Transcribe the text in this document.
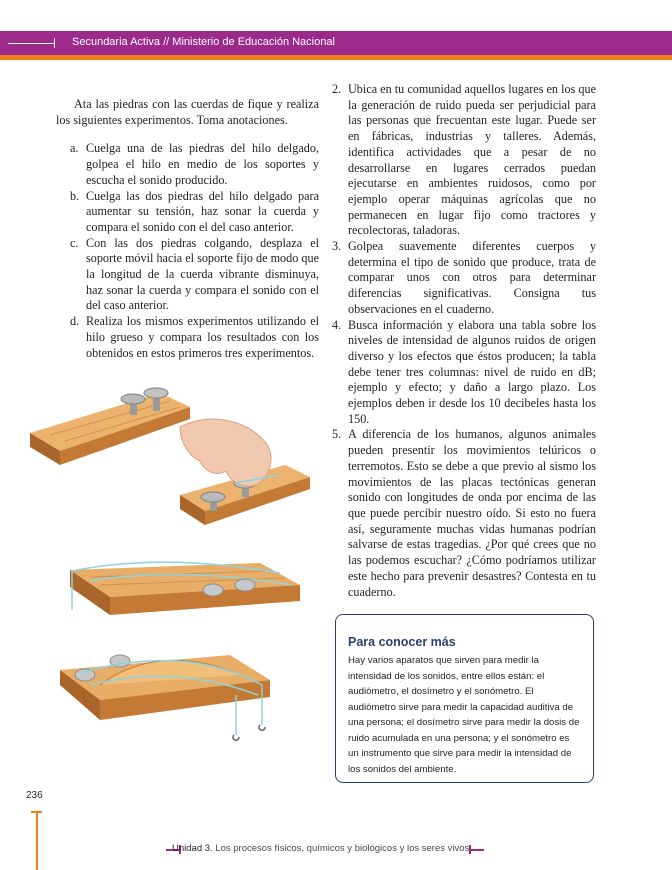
Secundaria Activa // Ministerio de Educación Nacional

Ata las piedras con las cuerdas de fique y realiza los siguientes experimentos. Toma anotaciones.

a. Cuelga una de las piedras del hilo delgado, golpea el hilo en medio de los soportes y escucha el sonido producido.
b. Cuelga las dos piedras del hilo delgado para aumentar su tensión, haz sonar la cuerda y compara el sonido con el del caso anterior.
c. Con las dos piedras colgando, desplaza el soporte móvil hacia el soporte fijo de modo que la longitud de la cuerda vibrante disminuya, haz sonar la cuerda y compara el sonido con el del caso anterior.
d. Realiza los mismos experimentos utilizando el hilo grueso y compara los resultados con los obtenidos en estos primeros tres experimentos.
2. Ubica en tu comunidad aquellos lugares en los que la generación de ruido pueda ser perjudicial para las personas que frecuentan este lugar. Puede ser en fábricas, industrias y talleres. Además, identifica actividades que a pesar de no desarrollarse en lugares cerrados puedan ejecutarse en ambientes ruidosos, como por ejemplo operar máquinas agrícolas que no permanecen en lugar fijo como tractores y recolectoras, taladoras.
3. Golpea suavemente diferentes cuerpos y determina el tipo de sonido que produce, trata de comparar unos con otros para determinar diferencias significativas. Consigna tus observaciones en el cuaderno.
4. Busca información y elabora una tabla sobre los niveles de intensidad de algunos ruidos de origen diverso y los efectos que éstos producen; la tabla debe tener tres columnas: nivel de ruido en dB; ejemplo y efecto; y daño a largo plazo. Los ejemplos deben ir desde los 10 decibeles hasta los 150.
5. A diferencia de los humanos, algunos animales pueden presentir los movimientos telúricos o terremotos. Esto se debe a que previo al sismo los movimientos de las placas tectónicas generan sonido con longitudes de onda por encima de las que puede percibir nuestro oído. Si esto no fuera así, seguramente muchas vidas humanas podrían salvarse de estas tragedias. ¿Por qué crees que no las podemos escuchar? ¿Cómo podríamos utilizar este hecho para prevenir desastres? Contesta en tu cuaderno.
Para conocer más
Hay varios aparatos que sirven para medir la intensidad de los sonidos, entre ellos están: el audiómetro, el dosímetro y el sonómetro. El audiómetro sirve para medir la capacidad auditiva de una persona; el dosímetro sirve para medir la dosis de ruido acumulada en una persona; y el sonómetro es un instrumento que sirve para medir la intensidad de los sonidos del ambiente.
236
Unidad 3. Los procesos físicos, químicos y biológicos y los seres vivos
